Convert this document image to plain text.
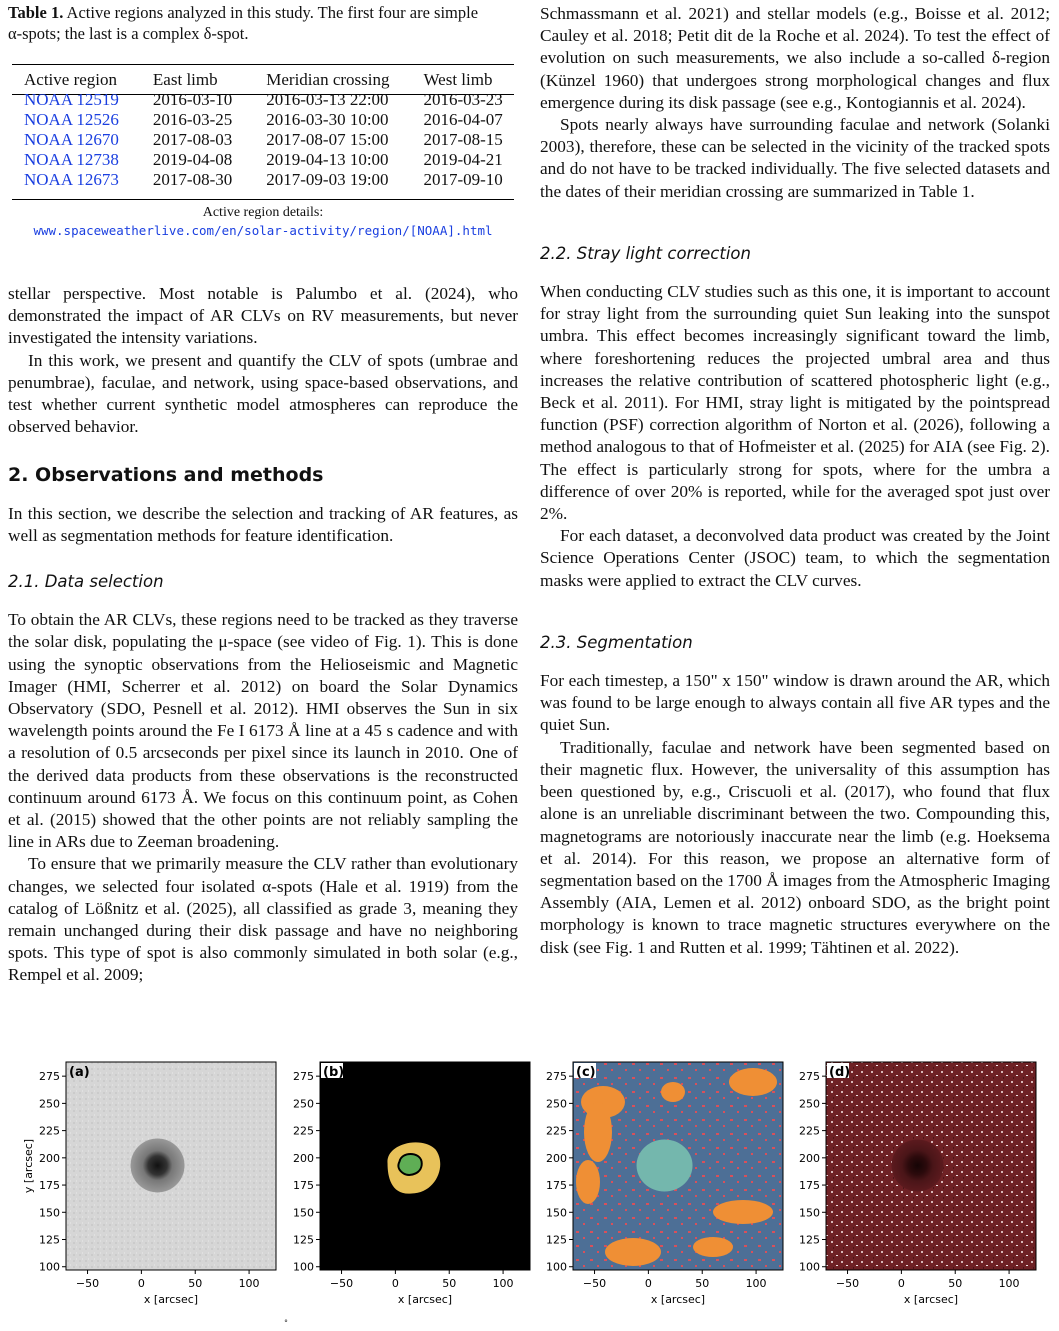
Table 1. Active regions analyzed in this study. The first four are simple
α-spots; the last is a complex δ-spot.

Active region	East limb	Meridian crossing	West limb
NOAA 12519	2016-03-10	2016-03-13 22:00	2016-03-23
NOAA 12526	2016-03-25	2016-03-30 10:00	2016-04-07
NOAA 12670	2017-08-03	2017-08-07 15:00	2017-08-15
NOAA 12738	2019-04-08	2019-04-13 10:00	2019-04-21
NOAA 12673	2017-08-30	2017-09-03 19:00	2017-09-10
Active region details:
www.spaceweatherlive.com/en/solar-activity/region/[NOAA].html

stellar perspective. Most notable is Palumbo et al. (2024), who demonstrated the impact of AR CLVs on RV measurements, but never investigated the intensity variations.

In this work, we present and quantify the CLV of spots (umbrae and penumbrae), faculae, and network, using space-based observations, and test whether current synthetic model atmospheres can reproduce the observed behavior.

2. Observations and methods

In this section, we describe the selection and tracking of AR features, as well as segmentation methods for feature identification.

2.1. Data selection

To obtain the AR CLVs, these regions need to be tracked as they traverse the solar disk, populating the μ-space (see video of Fig. 1). This is done using the synoptic observations from the Helioseismic and Magnetic Imager (HMI, Scherrer et al. 2012) on board the Solar Dynamics Observatory (SDO, Pesnell et al. 2012). HMI observes the Sun in six wavelength points around the Fe I 6173 Å line at a 45 s cadence and with a resolution of 0.5 arcseconds per pixel since its launch in 2010. One of the derived data products from these observations is the reconstructed continuum around 6173 Å. We focus on this continuum point, as Cohen et al. (2015) showed that the other points are not reliably sampling the line in ARs due to Zeeman broadening.

To ensure that we primarily measure the CLV rather than evolutionary changes, we selected four isolated α-spots (Hale et al. 1919) from the catalog of Lößnitz et al. (2025), all classified as grade 3, meaning they remain unchanged during their disk passage and have no neighboring spots. This type of spot is also commonly simulated in both solar (e.g., Rempel et al. 2009;

Schmassmann et al. 2021) and stellar models (e.g., Boisse et al. 2012; Cauley et al. 2018; Petit dit de la Roche et al. 2024). To test the effect of evolution on such measurements, we also include a so-called δ-region (Künzel 1960) that undergoes strong morphological changes and flux emergence during its disk passage (see e.g., Kontogiannis et al. 2024).

Spots nearly always have surrounding faculae and network (Solanki 2003), therefore, these can be selected in the vicinity of the tracked spots and do not have to be tracked individually. The five selected datasets and the dates of their meridian crossing are summarized in Table 1.

2.2. Stray light correction

When conducting CLV studies such as this one, it is important to account for stray light from the surrounding quiet Sun leaking into the sunspot umbra. This effect becomes increasingly significant toward the limb, where foreshortening reduces the projected umbral area and thus increases the relative contribution of scattered photospheric light (e.g., Beck et al. 2011). For HMI, stray light is mitigated by the pointspread function (PSF) correction algorithm of Norton et al. (2026), following a method analogous to that of Hofmeister et al. (2025) for AIA (see Fig. 2). The effect is particularly strong for spots, where for the umbra a difference of over 20% is reported, while for the averaged spot just over 2%.

For each dataset, a deconvolved data product was created by the Joint Science Operations Center (JSOC) team, to which the segmentation masks were applied to extract the CLV curves.

2.3. Segmentation

For each timestep, a 150" x 150" window is drawn around the AR, which was found to be large enough to always contain all five AR types and the quiet Sun.

Traditionally, faculae and network have been segmented based on their magnetic flux. However, the universality of this assumption has been questioned by, e.g., Criscuoli et al. (2017), who found that flux alone is an unreliable discriminant between the two. Compounding this, magnetograms are notoriously inaccurate near the limb (e.g. Hoeksema et al. 2014). For this reason, we propose an alternative form of segmentation based on the 1700 Å images from the Atmospheric Imaging Assembly (AIA, Lemen et al. 2012) onboard SDO, as the bright point morphology is known to trace magnetic structures everywhere on the disk (see Fig. 1 and Rutten et al. 1999; Tähtinen et al. 2022).

(a)
275
250
225
200
175
150
125
100
−50	0	50	100
x [arcsec]
y [arcsec]
(b)
275
250
225
200
175
150
125
100
−50	0	50	100
x [arcsec]
(c)
275
250
225
200
175
150
125
100
−50	0	50	100
x [arcsec]
(d)
275
250
225
200
175
150
125
100
−50	0	50	100
x [arcsec]
˚
